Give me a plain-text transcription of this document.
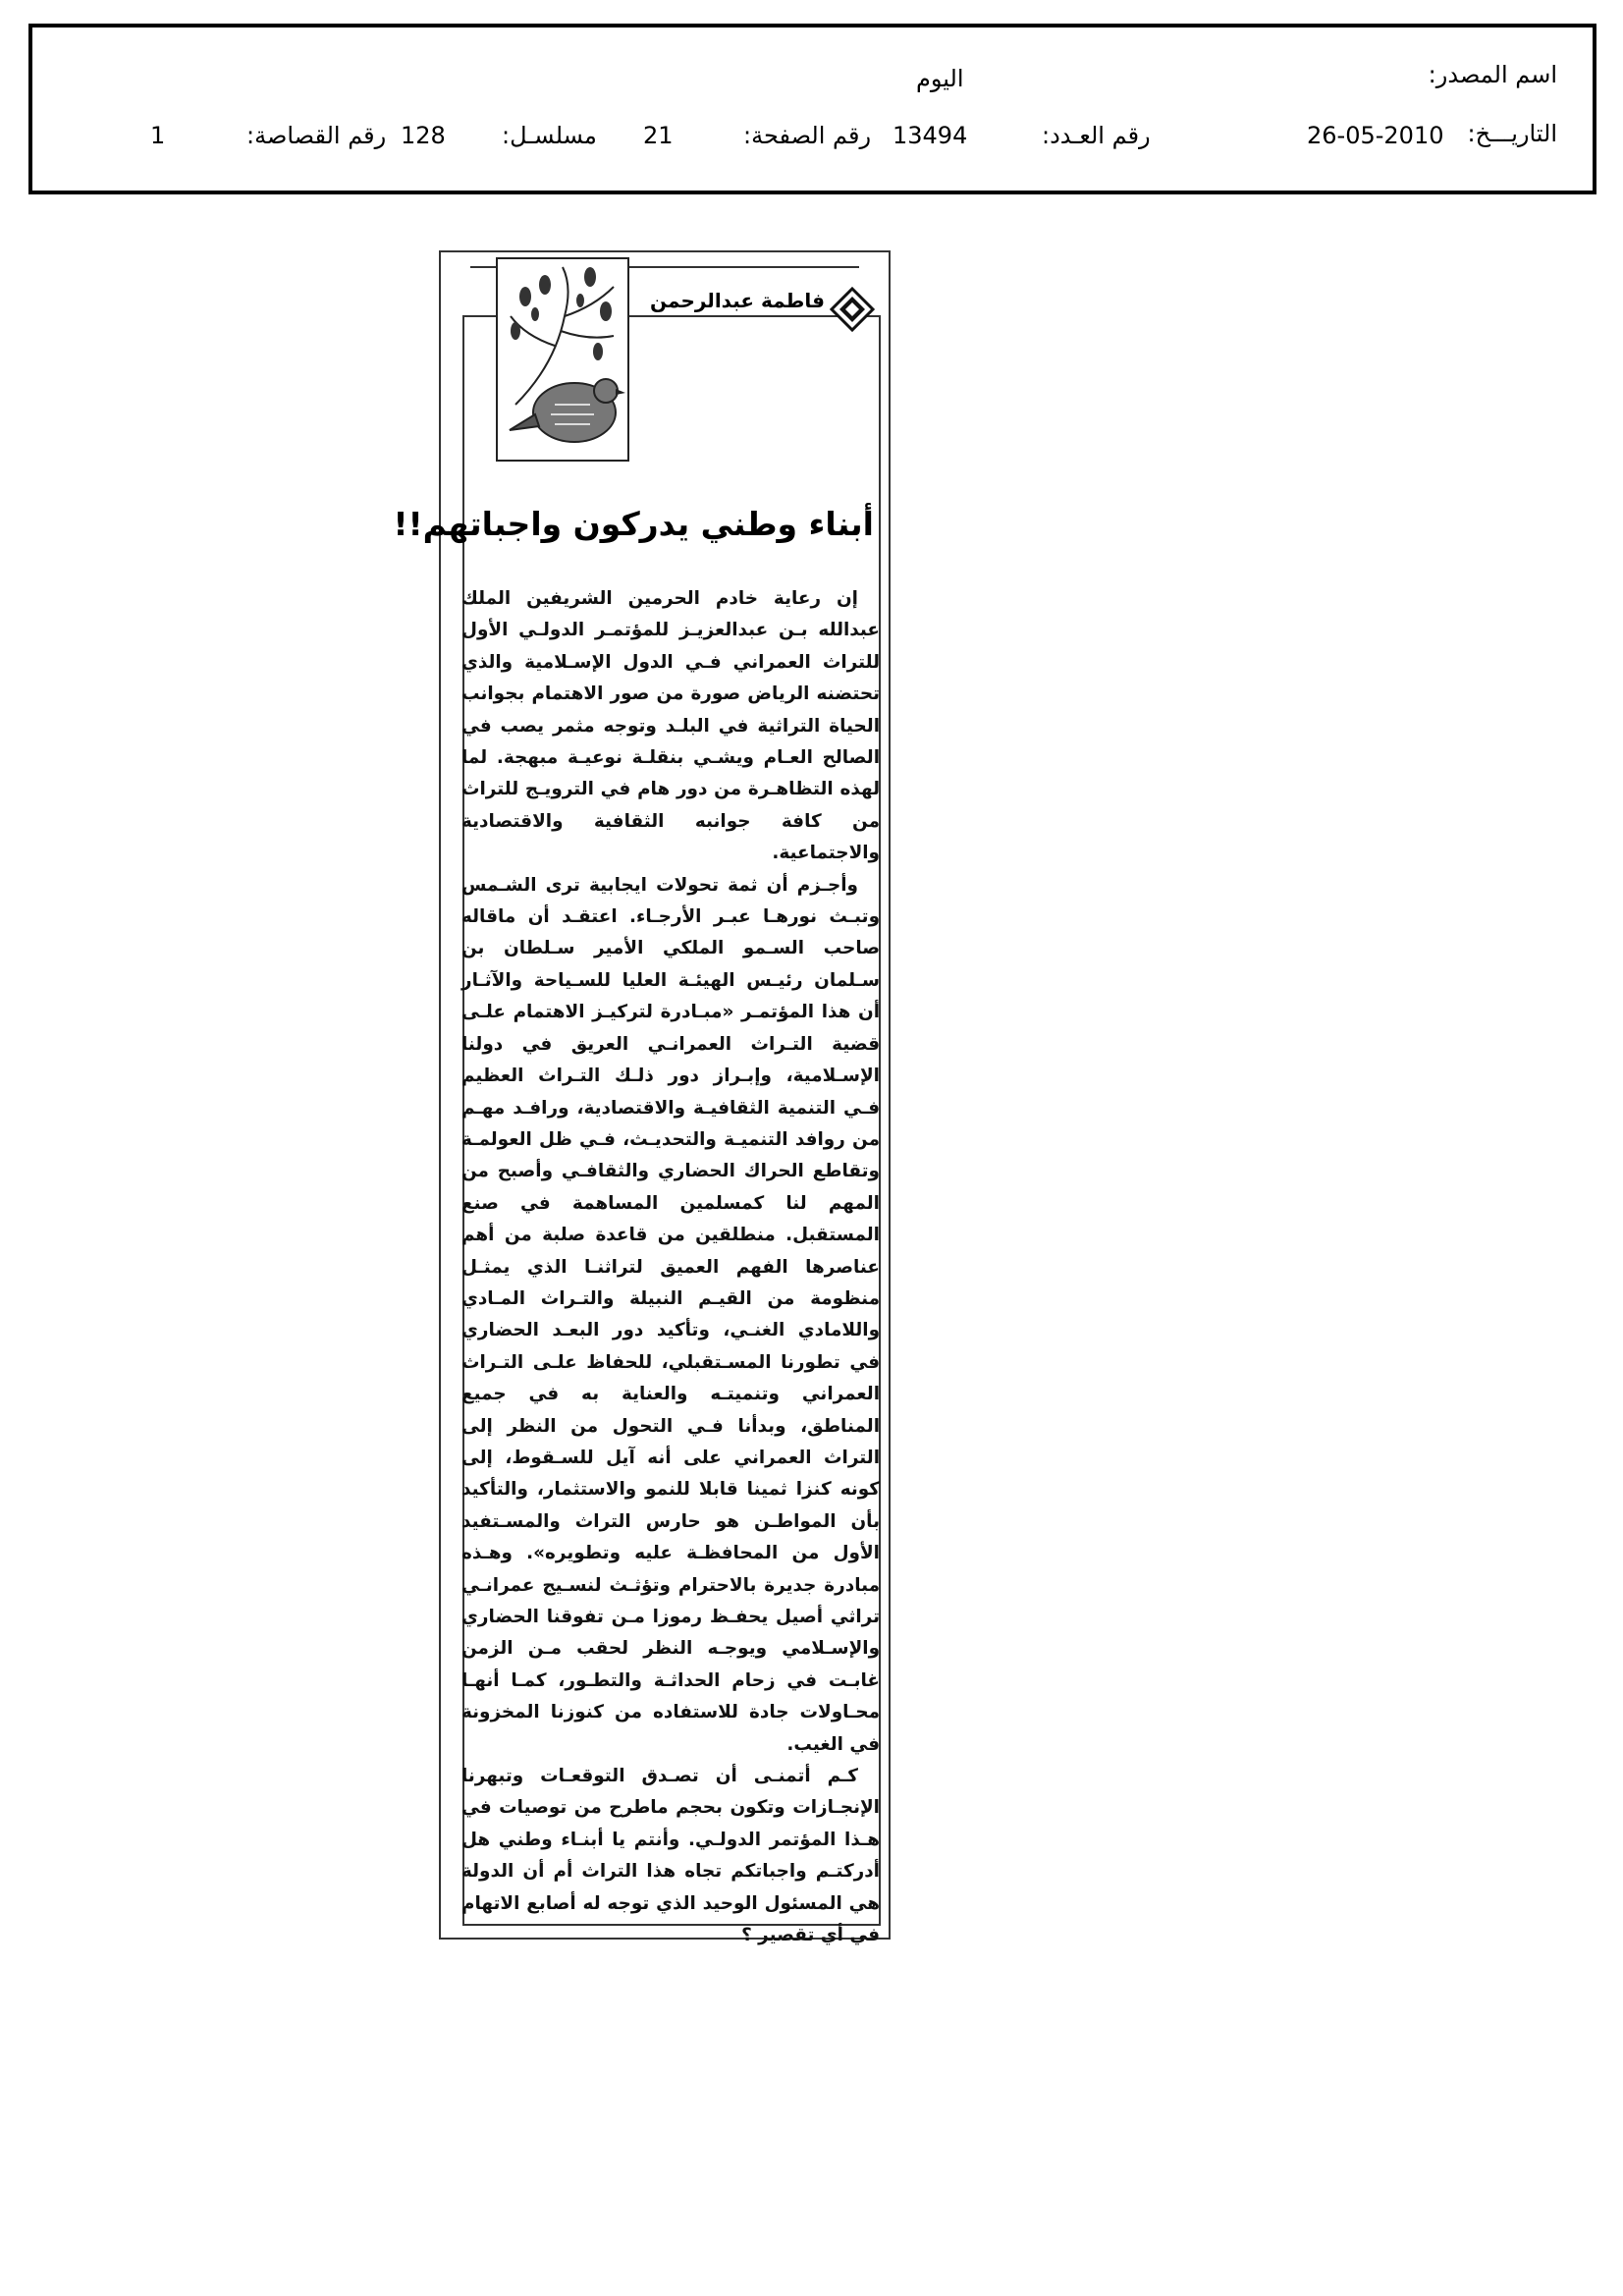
اسم المصدر:
اليوم
التاريـــخ:
26-05-2010
رقم العـدد:
13494
رقم الصفحة:
21
مسلسـل:
128
رقم القصاصة:
1
فاطمة عبدالرحمن
أبناء وطني يدركون واجباتهم!!

إن رعاية خادم الحرمين الشريفين الملك عبدالله بـن عبدالعزيـز للمؤتمـر الدولـي الأول للتراث العمراني فـي الدول الإسـلامية والذي تحتضنه الرياض صورة من صور الاهتمام بجوانب الحياة التراثية في البلـد وتوجه مثمر يصب في الصالح العـام ويشـي بنقلـة نوعيـة مبهجة. لما لهذه التظاهـرة من دور هام في الترويـج للتراث من كافة جوانبه الثقافية والاقتصادية والاجتماعية.

وأجـزم أن ثمة تحولات ايجابية ترى الشـمس وتبـث نورهـا عبـر الأرجـاء. اعتقـد أن ماقاله صاحب السـمو الملكي الأمير سـلطان بن سـلمان رئيـس الهيئـة العليا للسـياحة والآثـار أن هذا المؤتمـر «مبـادرة لتركيـز الاهتمام علـى قضية التـراث العمرانـي العريق في دولنا الإسـلامية، وإبـراز دور ذلـك التـراث العظيم فـي التنمية الثقافيـة والاقتصادية، ورافـد مهـم من روافد التنميـة والتحديـث، فـي ظل العولمـة وتقاطع الحراك الحضاري والثقافـي وأصبح من المهم لنا كمسلمين المساهمة في صنع المستقبل. منطلقين من قاعدة صلبة من أهم عناصرها الفهم العميق لتراثنـا الذي يمثـل منظومة من القيـم النبيلة والتـراث المـادي واللامادي الغنـي، وتأكيد دور البعـد الحضاري في تطورنا المسـتقبلي، للحفاظ علـى التـراث العمراني وتنميتـه والعناية به في جميع المناطق، وبدأنا فـي التحول من النظر إلى التراث العمراني على أنه آيل للسـقوط، إلى كونه كنزا ثمينا قابلا للنمو والاستثمار، والتأكيد بأن المواطـن هو حارس التراث والمسـتفيد الأول من المحافظـة عليه وتطويره». وهـذه مبادرة جديرة بالاحترام وتؤثـث لنسـيج عمرانـي تراثي أصيل يحفـظ رموزا مـن تفوقنا الحضاري والإسـلامي ويوجـه النظر لحقب مـن الزمن غابـت في زحام الحداثـة والتطـور، كمـا أنهـا محـاولات جادة للاستفاده من كنوزنا المخزونة في الغيب.

كـم أتمنـى أن تصـدق التوقعـات وتبهرنا الإنجـازات وتكون بحجم ماطرح من توصيات في هـذا المؤتمر الدولـي. وأنتم يا أبنـاء وطني هل أدركتـم واجباتكم تجاه هذا التراث أم أن الدولة هي المسئول الوحيد الذي توجه له أصابع الاتهام في أي تقصير ؟
